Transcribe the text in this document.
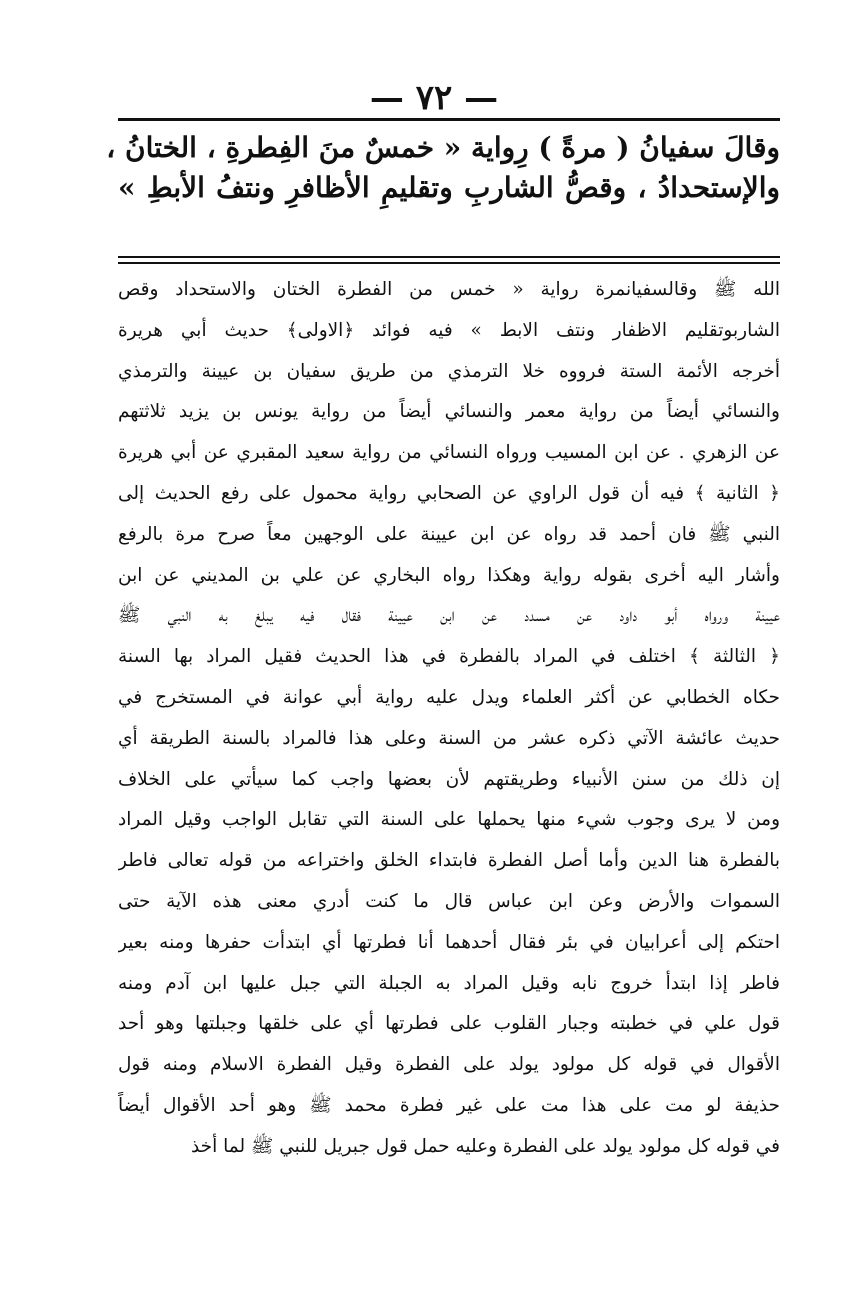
— ٧٢ —
وقالَ سفيانُ ( مرةً ) رِواية « خمسٌ منَ الفِطرةِ ، الختانُ ،
والإستحدادُ ، وقصُّ الشاربِ وتقليمِ الأظافرِ ونتفُ الأبطِ »
الله ﷺ وقالسفيانمرة رواية « خمس من الفطرة الختان والاستحداد وقص
الشاربوتقليم الاظفار ونتف الابط » فيه فوائد ﴿الاولى﴾ حديث أبي هريرة
أخرجه الأئمة الستة فرووه خلا الترمذي من طريق سفيان بن عيينة والترمذي
والنسائي أيضاً من رواية معمر والنسائي أيضاً من رواية يونس بن يزيد ثلاثتهم
عن الزهري . عن ابن المسيب ورواه النسائي من رواية سعيد المقبري عن أبي هريرة
﴿ الثانية ﴾ فيه أن قول الراوي عن الصحابي رواية محمول على رفع الحديث إلى
النبي ﷺ فان أحمد قد رواه عن ابن عيينة على الوجهين معاً صرح مرة بالرفع
وأشار اليه أخرى بقوله رواية وهكذا رواه البخاري عن علي بن المديني عن ابن
عيينة ورواه أبو داود عن مسدد عن ابن عيينة فقال فيه يبلغ به النبي ﷺ
﴿ الثالثة ﴾ اختلف في المراد بالفطرة في هذا الحديث فقيل المراد بها السنة
حكاه الخطابي عن أكثر العلماء ويدل عليه رواية أبي عوانة في المستخرج في
حديث عائشة الآتي ذكره عشر من السنة وعلى هذا فالمراد بالسنة الطريقة أي
إن ذلك من سنن الأنبياء وطريقتهم لأن بعضها واجب كما سيأتي على الخلاف
ومن لا يرى وجوب شيء منها يحملها على السنة التي تقابل الواجب وقيل المراد
بالفطرة هنا الدين وأما أصل الفطرة فابتداء الخلق واختراعه من قوله تعالى فاطر
السموات والأرض وعن ابن عباس قال ما كنت أدري معنى هذه الآية حتى
احتكم إلى أعرابيان في بئر فقال أحدهما أنا فطرتها أي ابتدأت حفرها ومنه بعير
فاطر إذا ابتدأ خروج نابه وقيل المراد به الجبلة التي جبل عليها ابن آدم ومنه
قول علي في خطبته وجبار القلوب على فطرتها أي على خلقها وجبلتها وهو أحد
الأقوال في قوله كل مولود يولد على الفطرة وقيل الفطرة الاسلام ومنه قول
حذيفة لو مت على هذا مت على غير فطرة محمد ﷺ وهو أحد الأقوال أيضاً
في قوله كل مولود يولد على الفطرة وعليه حمل قول جبريل للنبي ﷺ لما أخذ
